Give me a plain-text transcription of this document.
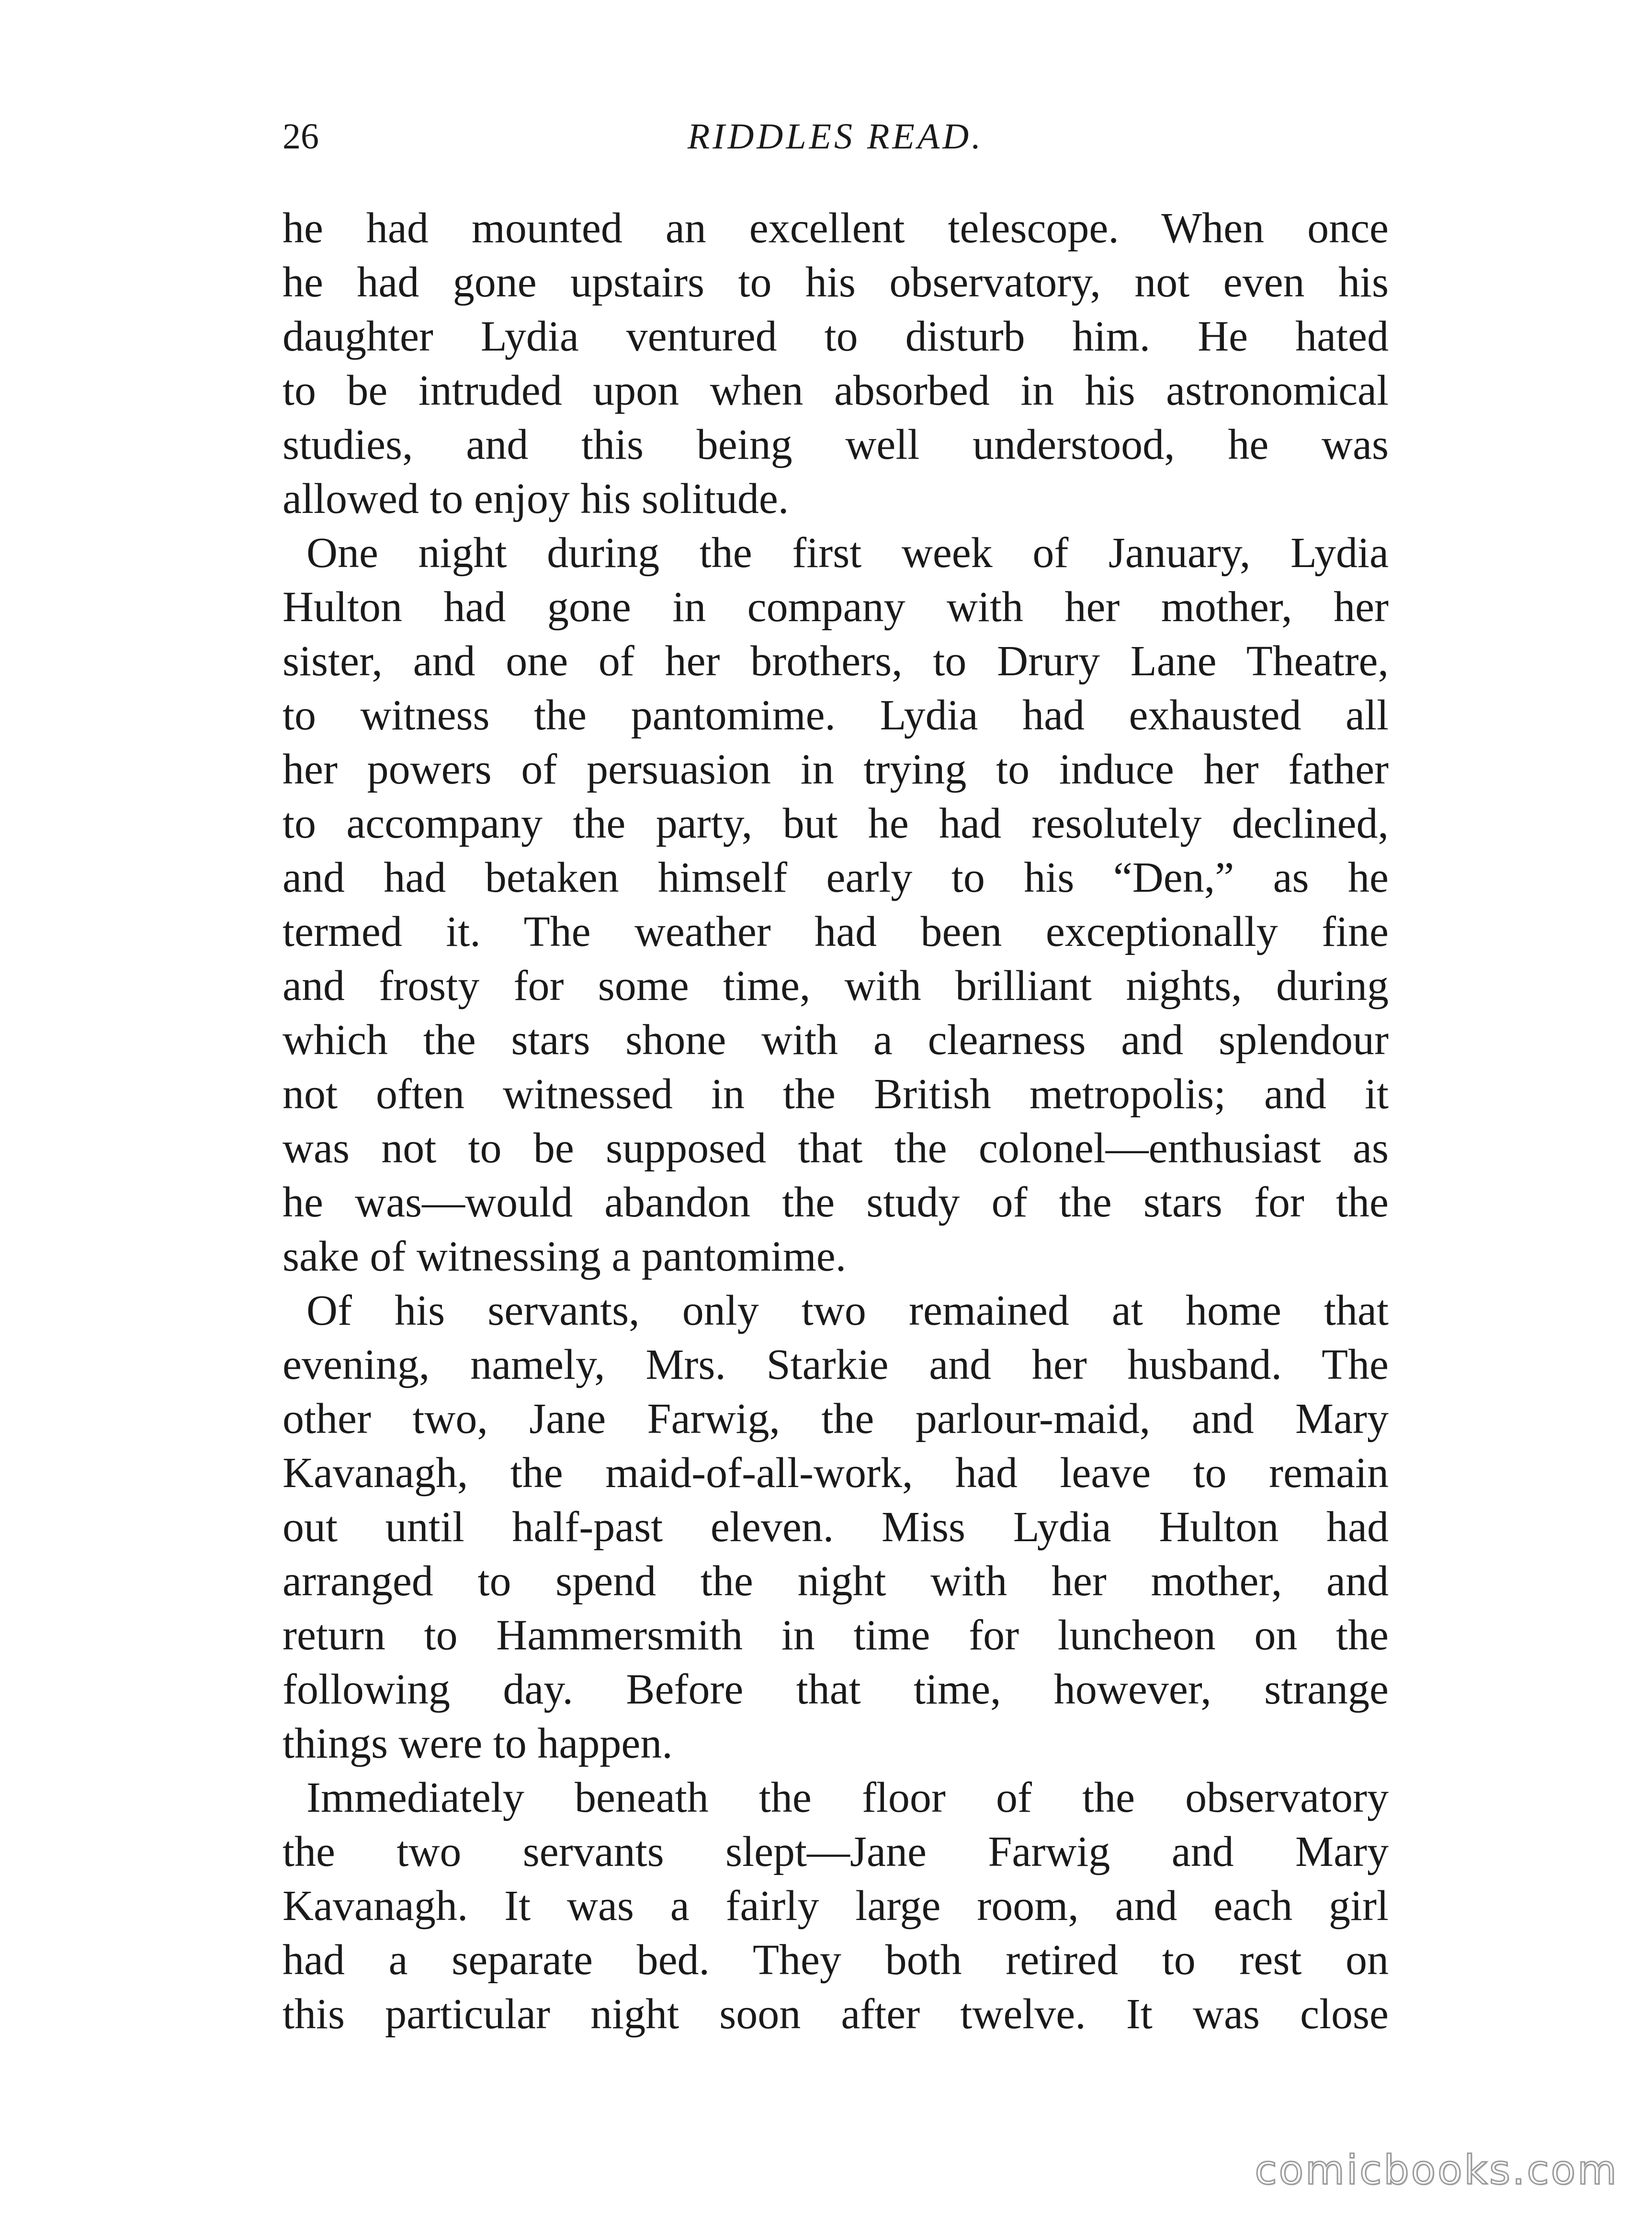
26	RIDDLES READ.
he had mounted an excellent telescope. When once
he had gone upstairs to his observatory, not even his
daughter Lydia ventured to disturb him. He hated
to be intruded upon when absorbed in his astronomical
studies, and this being well understood, he was
allowed to enjoy his solitude.
One night during the first week of January, Lydia
Hulton had gone in company with her mother, her
sister, and one of her brothers, to Drury Lane Theatre,
to witness the pantomime. Lydia had exhausted all
her powers of persuasion in trying to induce her father
to accompany the party, but he had resolutely declined,
and had betaken himself early to his “Den,” as he
termed it. The weather had been exceptionally fine
and frosty for some time, with brilliant nights, during
which the stars shone with a clearness and splendour
not often witnessed in the British metropolis; and it
was not to be supposed that the colonel—enthusiast as
he was—would abandon the study of the stars for the
sake of witnessing a pantomime.
Of his servants, only two remained at home that
evening, namely, Mrs. Starkie and her husband. The
other two, Jane Farwig, the parlour-maid, and Mary
Kavanagh, the maid-of-all-work, had leave to remain
out until half-past eleven. Miss Lydia Hulton had
arranged to spend the night with her mother, and
return to Hammersmith in time for luncheon on the
following day. Before that time, however, strange
things were to happen.
Immediately beneath the floor of the observatory
the two servants slept—Jane Farwig and Mary
Kavanagh. It was a fairly large room, and each girl
had a separate bed. They both retired to rest on
this particular night soon after twelve. It was close
comicbooks.com
